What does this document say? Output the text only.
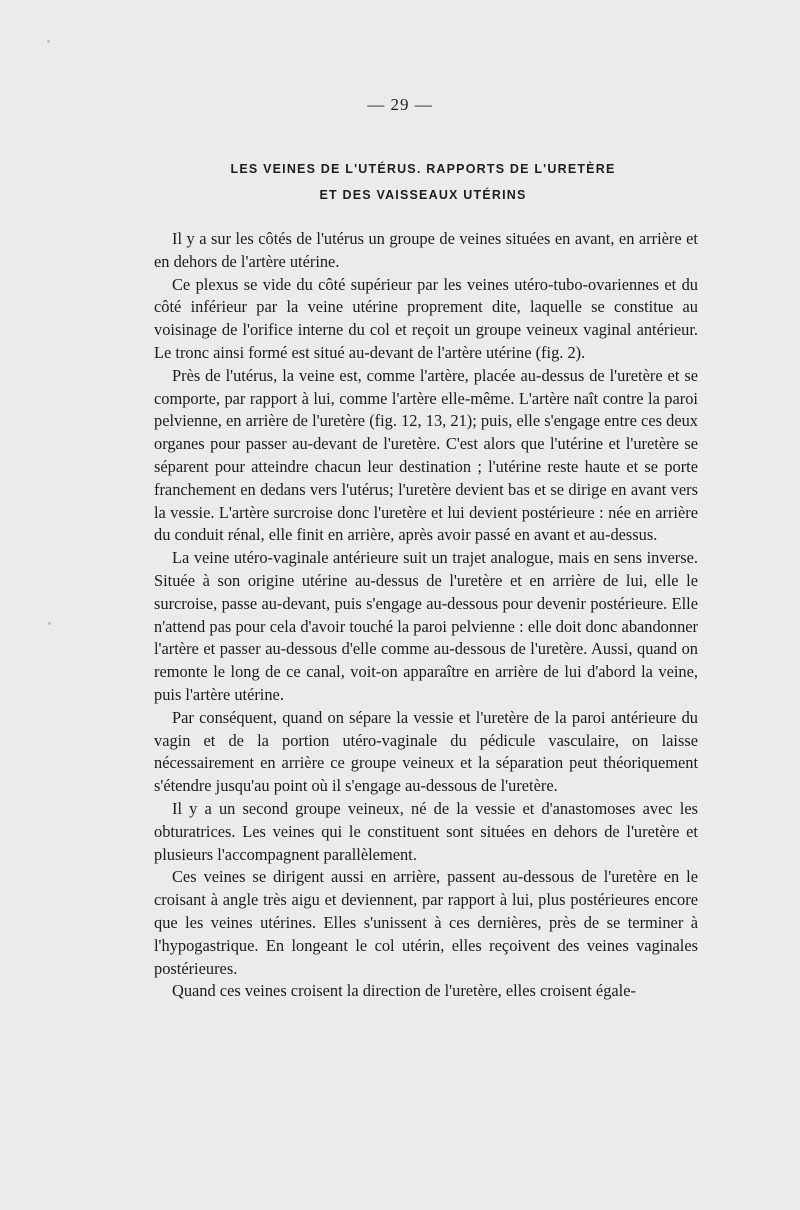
— 29 —
LES VEINES DE L'UTÉRUS. RAPPORTS DE L'URETÈRE
ET DES VAISSEAUX UTÉRINS

Il y a sur les côtés de l'utérus un groupe de veines situées en avant, en arrière et en dehors de l'artère utérine.

Ce plexus se vide du côté supérieur par les veines utéro-tubo-ovariennes et du côté inférieur par la veine utérine proprement dite, laquelle se constitue au voisinage de l'orifice interne du col et reçoit un groupe veineux vaginal antérieur. Le tronc ainsi formé est situé au-devant de l'artère utérine (fig. 2).

Près de l'utérus, la veine est, comme l'artère, placée au-dessus de l'uretère et se comporte, par rapport à lui, comme l'artère elle-même. L'artère naît contre la paroi pelvienne, en arrière de l'uretère (fig. 12, 13, 21); puis, elle s'engage entre ces deux organes pour passer au-devant de l'uretère. C'est alors que l'utérine et l'uretère se séparent pour atteindre chacun leur destination ; l'utérine reste haute et se porte franchement en dedans vers l'utérus; l'uretère devient bas et se dirige en avant vers la vessie. L'artère surcroise donc l'uretère et lui devient postérieure : née en arrière du conduit rénal, elle finit en arrière, après avoir passé en avant et au-dessus.

La veine utéro-vaginale antérieure suit un trajet analogue, mais en sens inverse. Située à son origine utérine au-dessus de l'uretère et en arrière de lui, elle le surcroise, passe au-devant, puis s'engage au-dessous pour devenir postérieure. Elle n'attend pas pour cela d'avoir touché la paroi pelvienne : elle doit donc abandonner l'artère et passer au-dessous d'elle comme au-dessous de l'uretère. Aussi, quand on remonte le long de ce canal, voit-on apparaître en arrière de lui d'abord la veine, puis l'artère utérine.

Par conséquent, quand on sépare la vessie et l'uretère de la paroi antérieure du vagin et de la portion utéro-vaginale du pédicule vasculaire, on laisse nécessairement en arrière ce groupe veineux et la séparation peut théoriquement s'étendre jusqu'au point où il s'engage au-dessous de l'uretère.

Il y a un second groupe veineux, né de la vessie et d'anastomoses avec les obturatrices. Les veines qui le constituent sont situées en dehors de l'uretère et plusieurs l'accompagnent parallèlement.

Ces veines se dirigent aussi en arrière, passent au-dessous de l'uretère en le croisant à angle très aigu et deviennent, par rapport à lui, plus postérieures encore que les veines utérines. Elles s'unissent à ces dernières, près de se terminer à l'hypogastrique. En longeant le col utérin, elles reçoivent des veines vaginales postérieures.

Quand ces veines croisent la direction de l'uretère, elles croisent égale-
